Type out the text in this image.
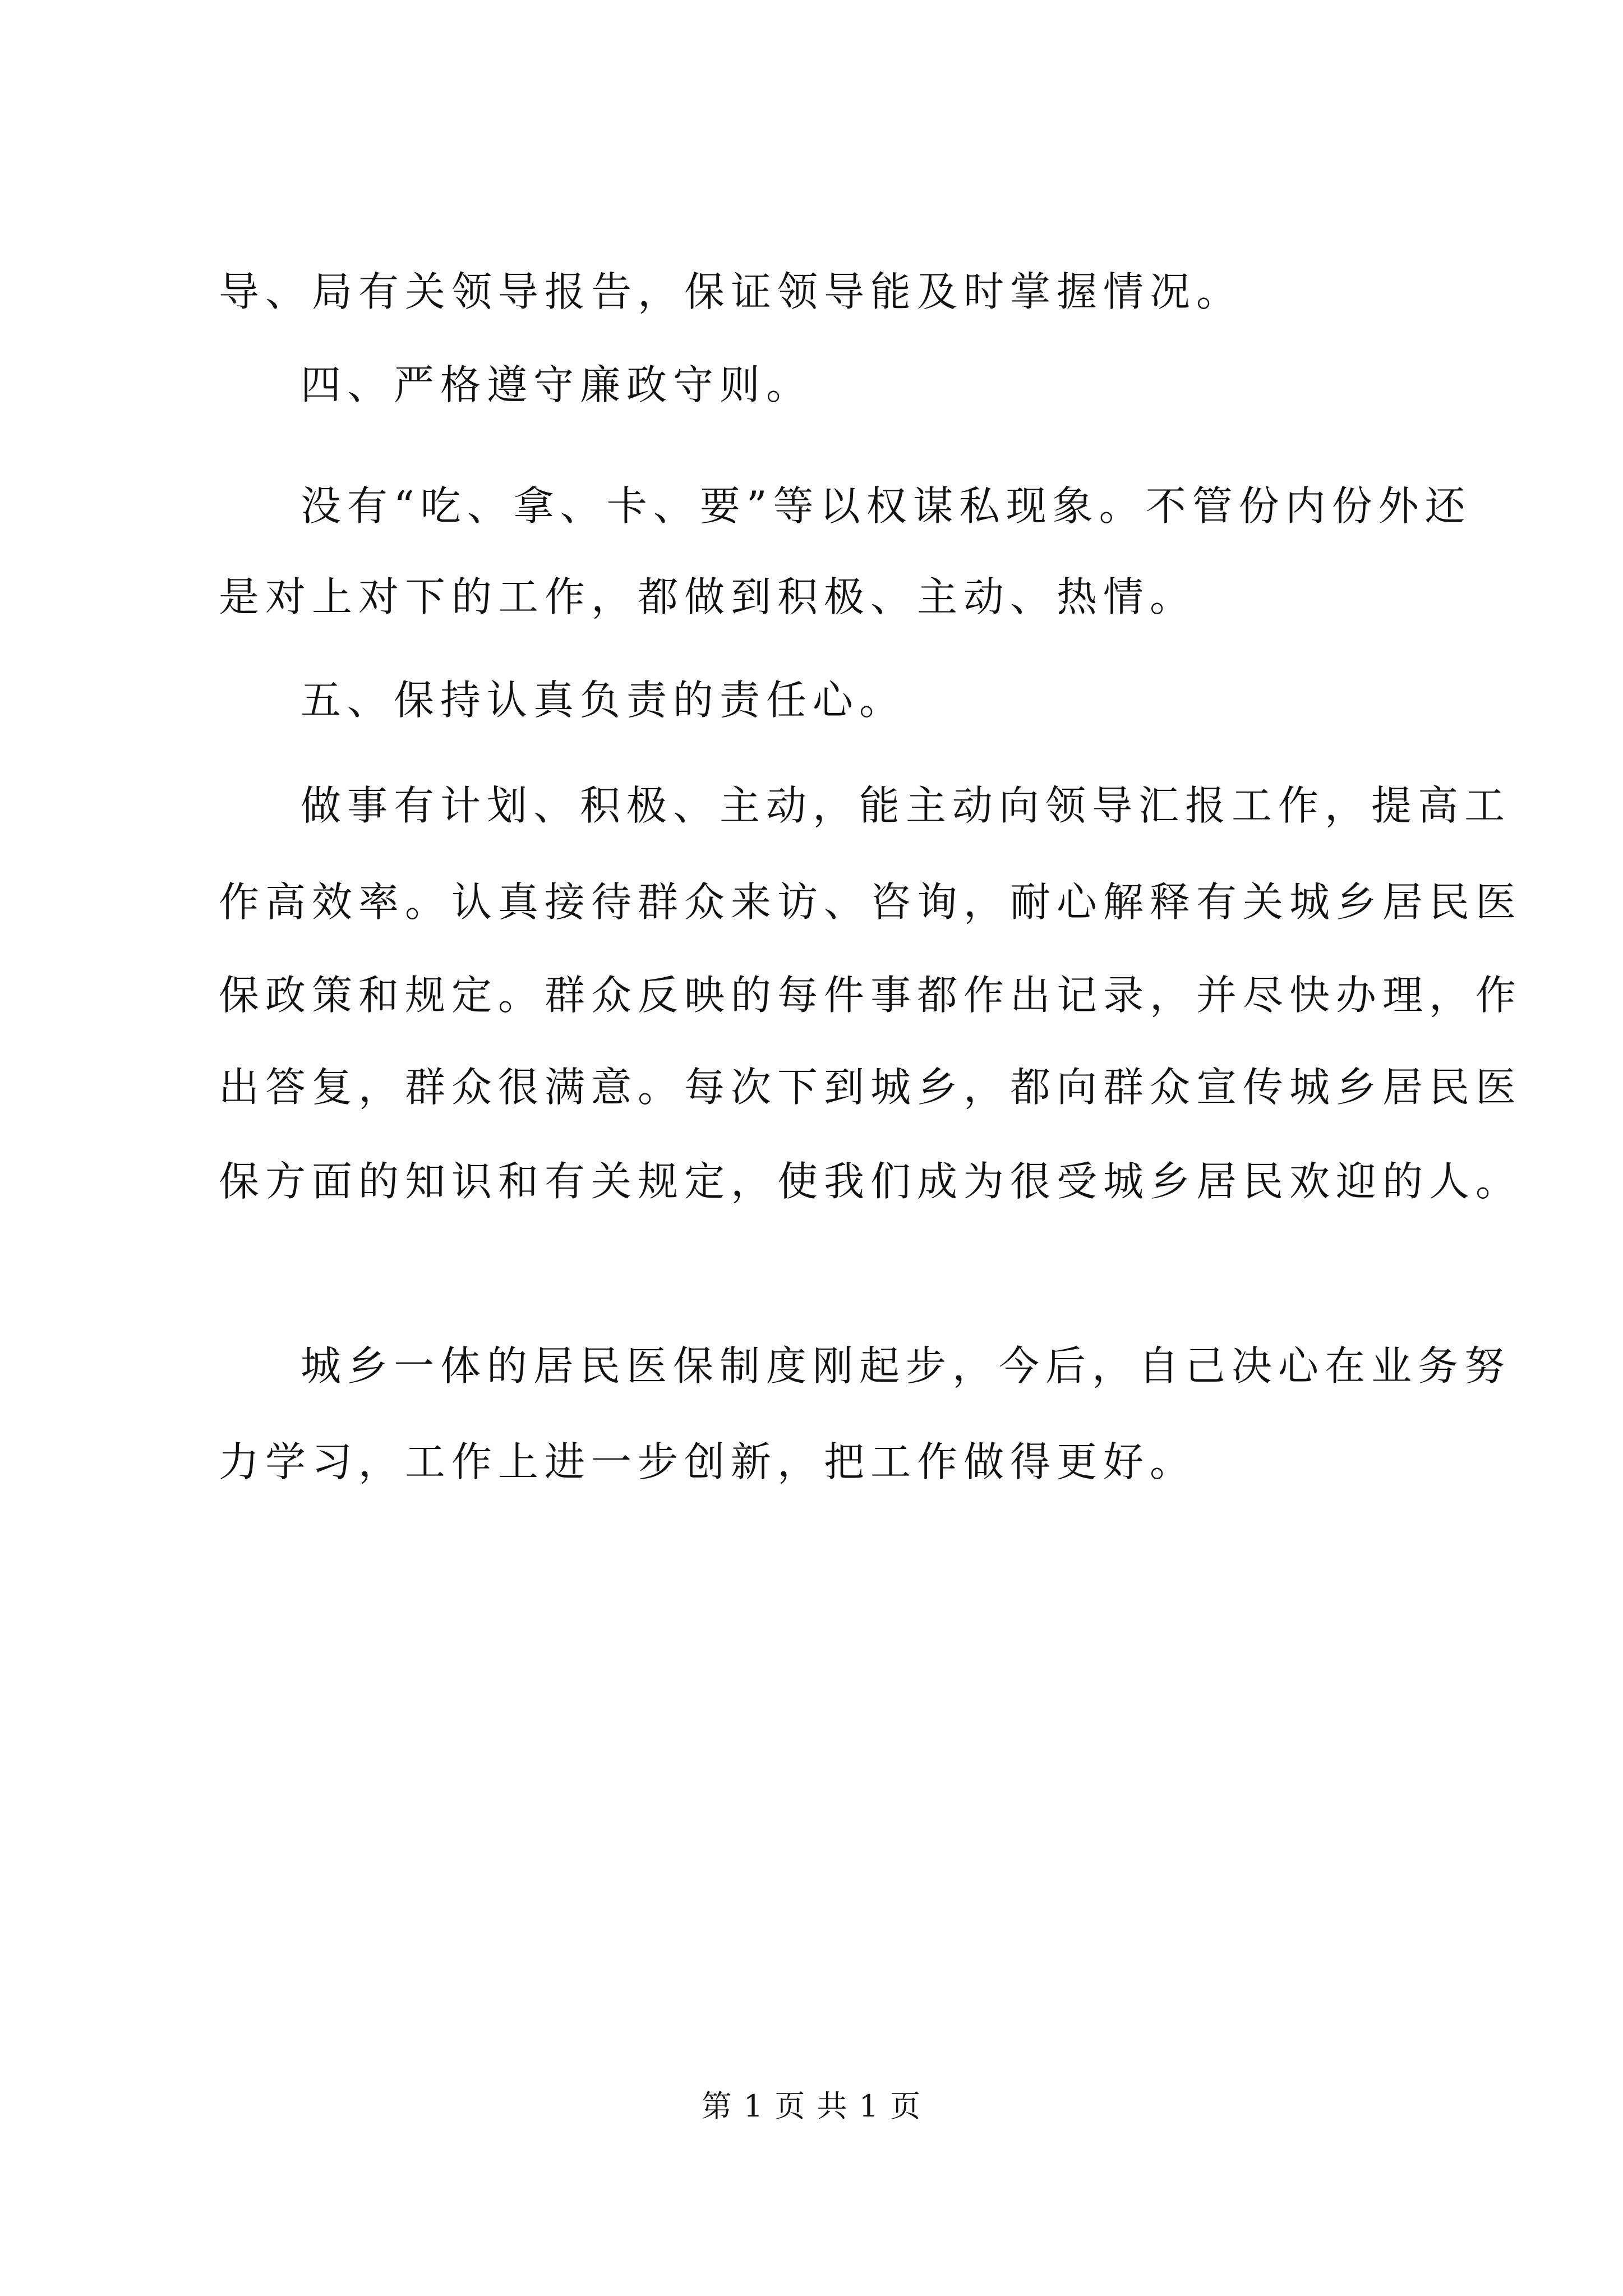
导、局有关领导报告，保证领导能及时掌握情况。
四、严格遵守廉政守则。
没有“吃、拿、卡、要”等以权谋私现象。不管份内份外还
是对上对下的工作，都做到积极、主动、热情。
五、保持认真负责的责任心。
做事有计划、积极、主动，能主动向领导汇报工作，提高工
作高效率。认真接待群众来访、咨询，耐心解释有关城乡居民医
保政策和规定。群众反映的每件事都作出记录，并尽快办理，作
出答复，群众很满意。每次下到城乡，都向群众宣传城乡居民医
保方面的知识和有关规定，使我们成为很受城乡居民欢迎的人。
城乡一体的居民医保制度刚起步，今后，自己决心在业务努
力学习，工作上进一步创新，把工作做得更好。
第 1 页 共 1 页
